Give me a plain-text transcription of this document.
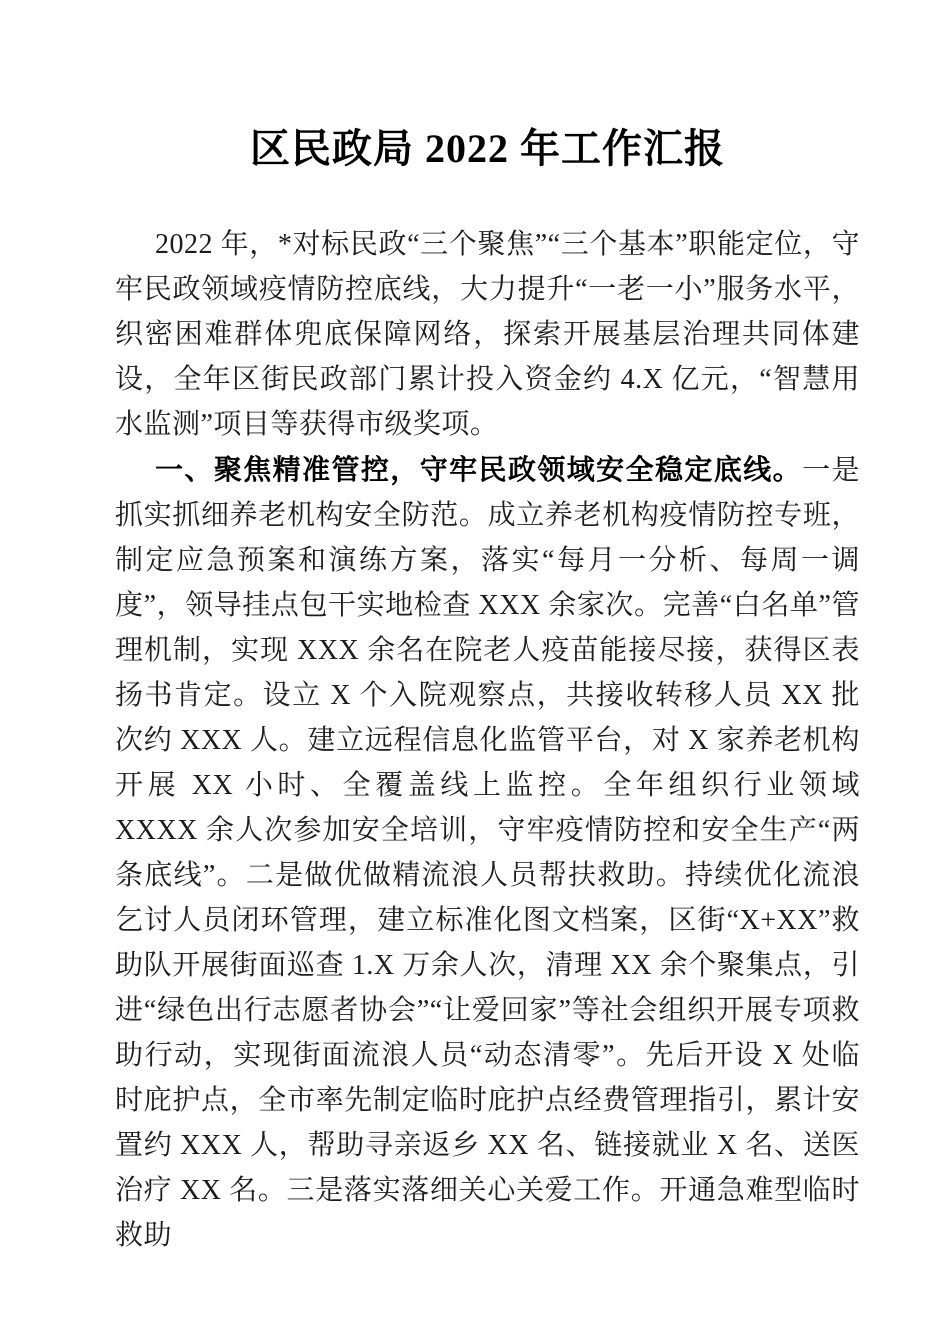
区民政局 2022 年工作汇报

2022 年，*对标民政“三个聚焦”“三个基本”职能定位，守牢民政领域疫情防控底线，大力提升“一老一小”服务水平，织密困难群体兜底保障网络，探索开展基层治理共同体建设，全年区街民政部门累计投入资金约 4.X 亿元，“智慧用水监测”项目等获得市级奖项。

一、聚焦精准管控，守牢民政领域安全稳定底线。一是抓实抓细养老机构安全防范。成立养老机构疫情防控专班，制定应急预案和演练方案，落实“每月一分析、每周一调度”，领导挂点包干实地检查 XXX 余家次。完善“白名单”管理机制，实现 XXX 余名在院老人疫苗能接尽接，获得区表扬书肯定。设立 X 个入院观察点，共接收转移人员 XX 批次约 XXX 人。建立远程信息化监管平台，对 X 家养老机构开展 XX 小时、全覆盖线上监控。全年组织行业领域 XXXX 余人次参加安全培训，守牢疫情防控和安全生产“两条底线”。二是做优做精流浪人员帮扶救助。持续优化流浪乞讨人员闭环管理，建立标准化图文档案，区街“X+XX”救助队开展街面巡查 1.X 万余人次，清理 XX 余个聚集点，引进“绿色出行志愿者协会”“让爱回家”等社会组织开展专项救助行动，实现街面流浪人员“动态清零”。先后开设 X 处临时庇护点，全市率先制定临时庇护点经费管理指引，累计安置约 XXX 人，帮助寻亲返乡 XX 名、链接就业 X 名、送医治疗 XX 名。三是落实落细关心关爱工作。开通急难型临时救助
